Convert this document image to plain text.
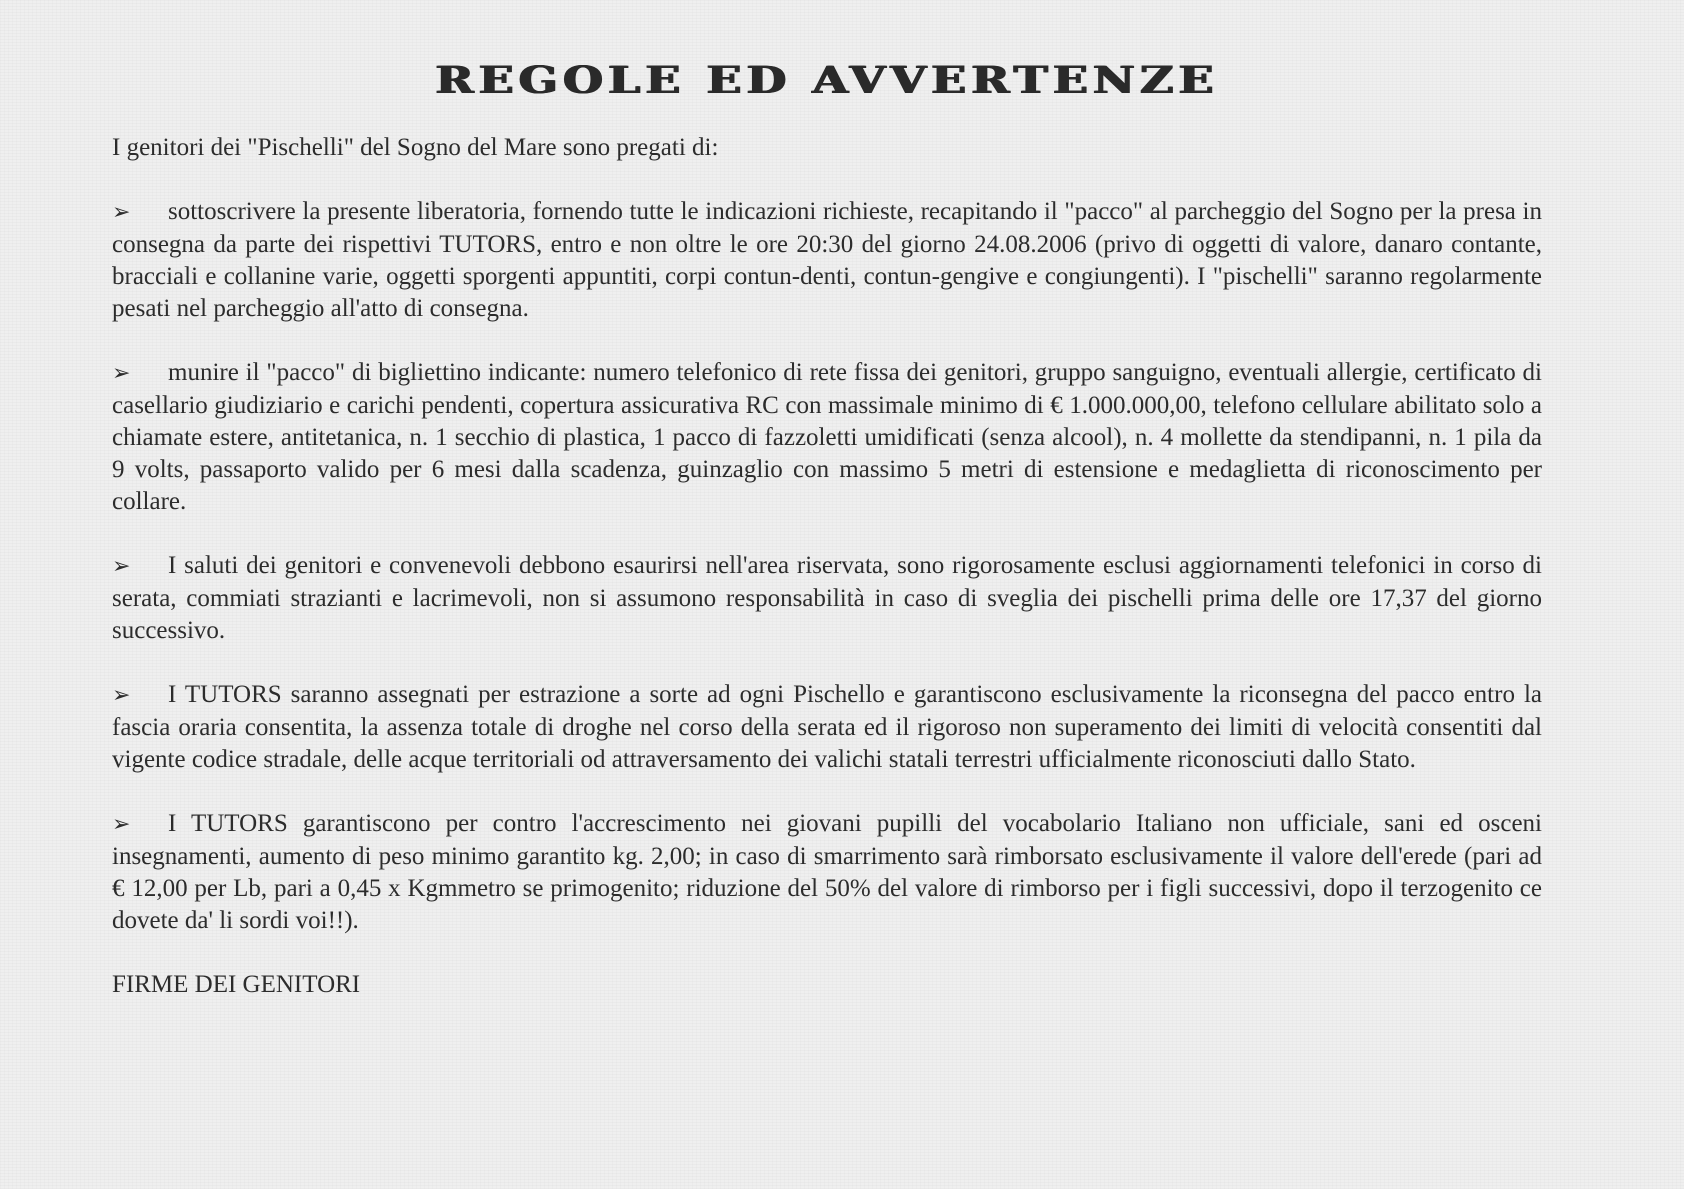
REGOLE ED AVVERTENZE

I genitori dei "Pischelli" del Sogno del Mare sono pregati di:

➢ sottoscrivere la presente liberatoria, fornendo tutte le indicazioni richieste, recapitando il "pacco" al parcheggio del Sogno per la presa in consegna da parte dei rispettivi TUTORS, entro e non oltre le ore 20:30 del giorno 24.08.2006 (privo di oggetti di valore, danaro contante, bracciali e collanine varie, oggetti sporgenti appuntiti, corpi contun-denti, contun-gengive e congiungenti). I "pischelli" saranno regolarmente pesati nel parcheggio all'atto di consegna.

➢ munire il "pacco" di bigliettino indicante: numero telefonico di rete fissa dei genitori, gruppo sanguigno, eventuali allergie, certificato di casellario giudiziario e carichi pendenti, copertura assicurativa RC con massimale minimo di € 1.000.000,00, telefono cellulare abilitato solo a chiamate estere, antitetanica, n. 1 secchio di plastica, 1 pacco di fazzoletti umidificati (senza alcool), n. 4 mollette da stendipanni, n. 1 pila da 9 volts, passaporto valido per 6 mesi dalla scadenza, guinzaglio con massimo 5 metri di estensione e medaglietta di riconoscimento per collare.

➢ I saluti dei genitori e convenevoli debbono esaurirsi nell'area riservata, sono rigorosamente esclusi aggiornamenti telefonici in corso di serata, commiati strazianti e lacrimevoli, non si assumono responsabilità in caso di sveglia dei pischelli prima delle ore 17,37 del giorno successivo.

➢ I TUTORS saranno assegnati per estrazione a sorte ad ogni Pischello e garantiscono esclusivamente la riconsegna del pacco entro la fascia oraria consentita, la assenza totale di droghe nel corso della serata ed il rigoroso non superamento dei limiti di velocità consentiti dal vigente codice stradale, delle acque territoriali od attraversamento dei valichi statali terrestri ufficialmente riconosciuti dallo Stato.

➢ I TUTORS garantiscono per contro l'accrescimento nei giovani pupilli del vocabolario Italiano non ufficiale, sani ed osceni insegnamenti, aumento di peso minimo garantito kg. 2,00; in caso di smarrimento sarà rimborsato esclusivamente il valore dell'erede (pari ad € 12,00 per Lb, pari a 0,45 x Kgmmetro se primogenito; riduzione del 50% del valore di rimborso per i figli successivi, dopo il terzogenito ce dovete da' li sordi voi!!).

FIRME DEI GENITORI
